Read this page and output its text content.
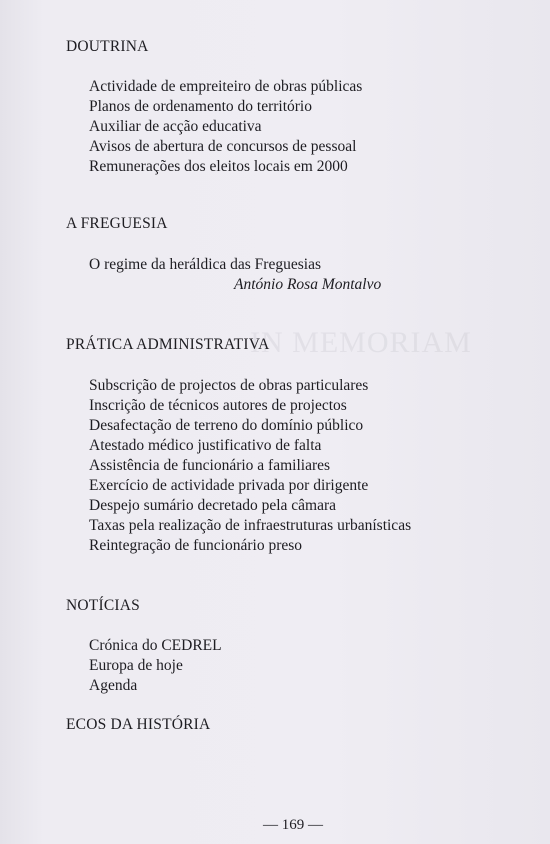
IN MEMORIAM
DOUTRINA
Actividade de empreiteiro de obras públicas
Planos de ordenamento do território
Auxiliar de acção educativa
Avisos de abertura de concursos de pessoal
Remunerações dos eleitos locais em 2000
A FREGUESIA
O regime da heráldica das Freguesias
António Rosa Montalvo
PRÁTICA ADMINISTRATIVA
Subscrição de projectos de obras particulares
Inscrição de técnicos autores de projectos
Desafectação de terreno do domínio público
Atestado médico justificativo de falta
Assistência de funcionário a familiares
Exercício de actividade privada por dirigente
Despejo sumário decretado pela câmara
Taxas pela realização de infraestruturas urbanísticas
Reintegração de funcionário preso
NOTÍCIAS
Crónica do CEDREL
Europa de hoje
Agenda
ECOS DA HISTÓRIA
— 169 —
